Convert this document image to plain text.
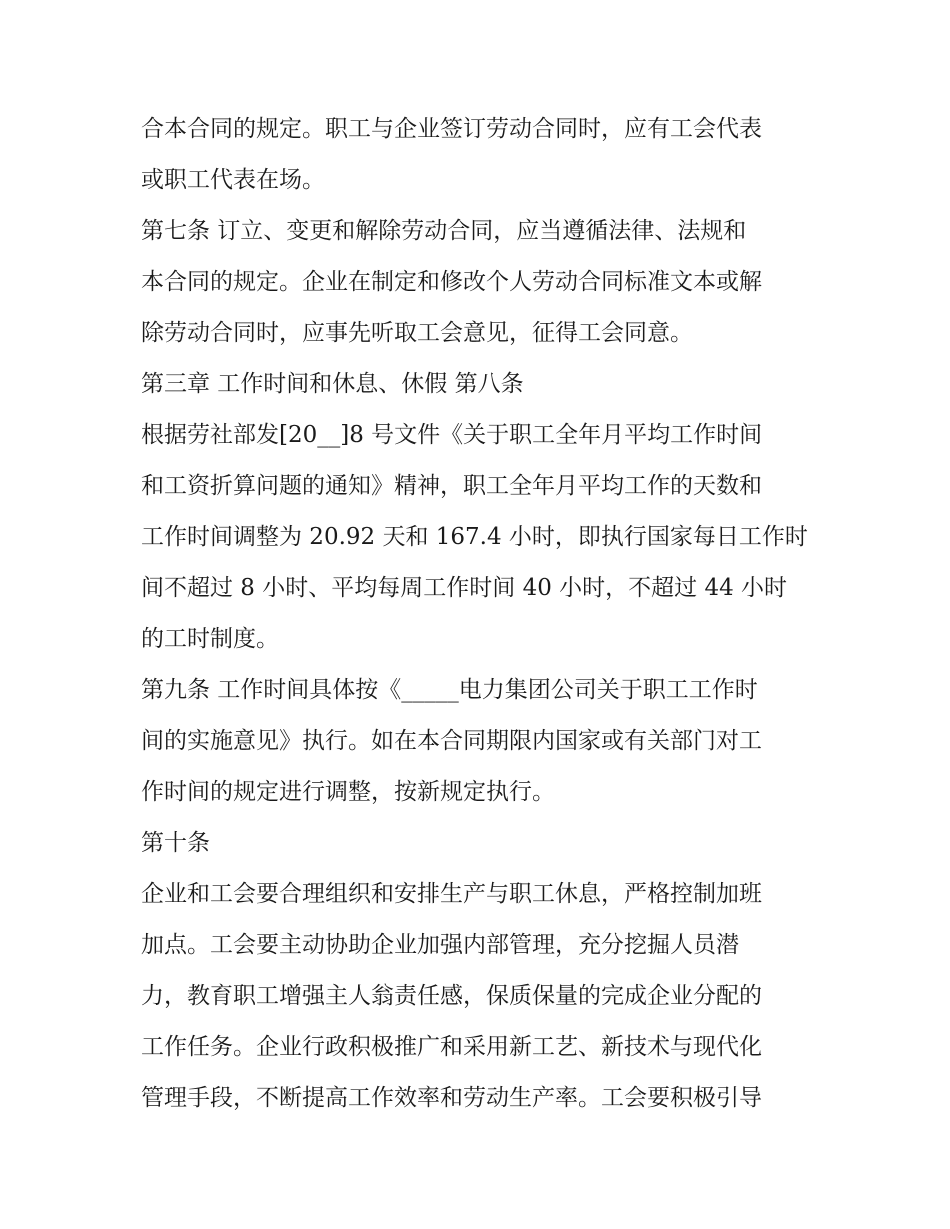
合本合同的规定。职工与企业签订劳动合同时，应有工会代表
或职工代表在场。
第七条 订立、变更和解除劳动合同，应当遵循法律、法规和
本合同的规定。企业在制定和修改个人劳动合同标准文本或解
除劳动合同时，应事先听取工会意见，征得工会同意。
第三章 工作时间和休息、休假 第八条
根据劳社部发[20__]8 号文件《关于职工全年月平均工作时间
和工资折算问题的通知》精神，职工全年月平均工作的天数和
工作时间调整为 20.92 天和 167.4 小时，即执行国家每日工作时
间不超过 8 小时、平均每周工作时间 40 小时，不超过 44 小时
的工时制度。
第九条 工作时间具体按《_____电力集团公司关于职工工作时
间的实施意见》执行。如在本合同期限内国家或有关部门对工
作时间的规定进行调整，按新规定执行。
第十条
企业和工会要合理组织和安排生产与职工休息，严格控制加班
加点。工会要主动协助企业加强内部管理，充分挖掘人员潜
力，教育职工增强主人翁责任感，保质保量的完成企业分配的
工作任务。企业行政积极推广和采用新工艺、新技术与现代化
管理手段，不断提高工作效率和劳动生产率。工会要积极引导
